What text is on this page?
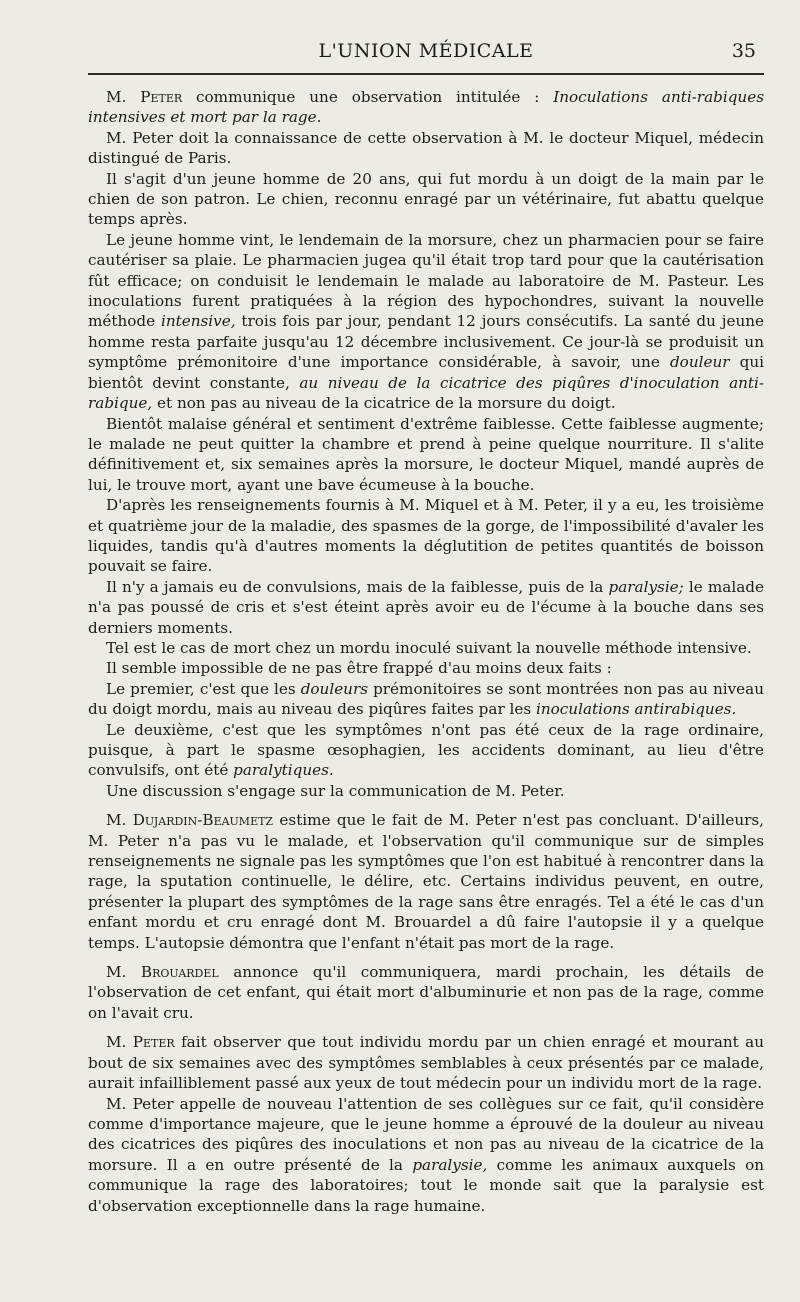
L'UNION MÉDICALE	35

M. Peter communique une observation intitulée : Inoculations anti-rabiques intensives et mort par la rage.

M. Peter doit la connaissance de cette observation à M. le docteur Miquel, médecin distingué de Paris.

Il s'agit d'un jeune homme de 20 ans, qui fut mordu à un doigt de la main par le chien de son patron. Le chien, reconnu enragé par un vétérinaire, fut abattu quelque temps après.

Le jeune homme vint, le lendemain de la morsure, chez un pharmacien pour se faire cautériser sa plaie. Le pharmacien jugea qu'il était trop tard pour que la cautérisation fût efficace; on conduisit le lendemain le malade au laboratoire de M. Pasteur. Les inoculations furent pratiquées à la région des hypochondres, suivant la nouvelle méthode intensive, trois fois par jour, pendant 12 jours consécutifs. La santé du jeune homme resta parfaite jusqu'au 12 décembre inclusivement. Ce jour-là se produisit un symptôme prémonitoire d'une importance considérable, à savoir, une douleur qui bientôt devint constante, au niveau de la cicatrice des piqûres d'inoculation anti-rabique, et non pas au niveau de la cicatrice de la morsure du doigt.

Bientôt malaise général et sentiment d'extrême faiblesse. Cette faiblesse augmente; le malade ne peut quitter la chambre et prend à peine quelque nourriture. Il s'alite définitivement et, six semaines après la morsure, le docteur Miquel, mandé auprès de lui, le trouve mort, ayant une bave écumeuse à la bouche.

D'après les renseignements fournis à M. Miquel et à M. Peter, il y a eu, les troisième et quatrième jour de la maladie, des spasmes de la gorge, de l'impossibilité d'avaler les liquides, tandis qu'à d'autres moments la déglutition de petites quantités de boisson pouvait se faire.

Il n'y a jamais eu de convulsions, mais de la faiblesse, puis de la paralysie; le malade n'a pas poussé de cris et s'est éteint après avoir eu de l'écume à la bouche dans ses derniers moments.

Tel est le cas de mort chez un mordu inoculé suivant la nouvelle méthode intensive.

Il semble impossible de ne pas être frappé d'au moins deux faits :

Le premier, c'est que les douleurs prémonitoires se sont montrées non pas au niveau du doigt mordu, mais au niveau des piqûres faites par les inoculations antirabiques.

Le deuxième, c'est que les symptômes n'ont pas été ceux de la rage ordinaire, puisque, à part le spasme œsophagien, les accidents dominant, au lieu d'être convulsifs, ont été paralytiques.

Une discussion s'engage sur la communication de M. Peter.

M. Dujardin-Beaumetz estime que le fait de M. Peter n'est pas concluant. D'ailleurs, M. Peter n'a pas vu le malade, et l'observation qu'il communique sur de simples renseignements ne signale pas les symptômes que l'on est habitué à rencontrer dans la rage, la sputation continuelle, le délire, etc. Certains individus peuvent, en outre, présenter la plupart des symptômes de la rage sans être enragés. Tel a été le cas d'un enfant mordu et cru enragé dont M. Brouardel a dû faire l'autopsie il y a quelque temps. L'autopsie démontra que l'enfant n'était pas mort de la rage.

M. Brouardel annonce qu'il communiquera, mardi prochain, les détails de l'observation de cet enfant, qui était mort d'albuminurie et non pas de la rage, comme on l'avait cru.

M. Peter fait observer que tout individu mordu par un chien enragé et mourant au bout de six semaines avec des symptômes semblables à ceux présentés par ce malade, aurait infailliblement passé aux yeux de tout médecin pour un individu mort de la rage.

M. Peter appelle de nouveau l'attention de ses collègues sur ce fait, qu'il considère comme d'importance majeure, que le jeune homme a éprouvé de la douleur au niveau des cicatrices des piqûres des inoculations et non pas au niveau de la cicatrice de la morsure. Il a en outre présenté de la paralysie, comme les animaux auxquels on communique la rage des laboratoires; tout le monde sait que la paralysie est d'observation exceptionnelle dans la rage humaine.
